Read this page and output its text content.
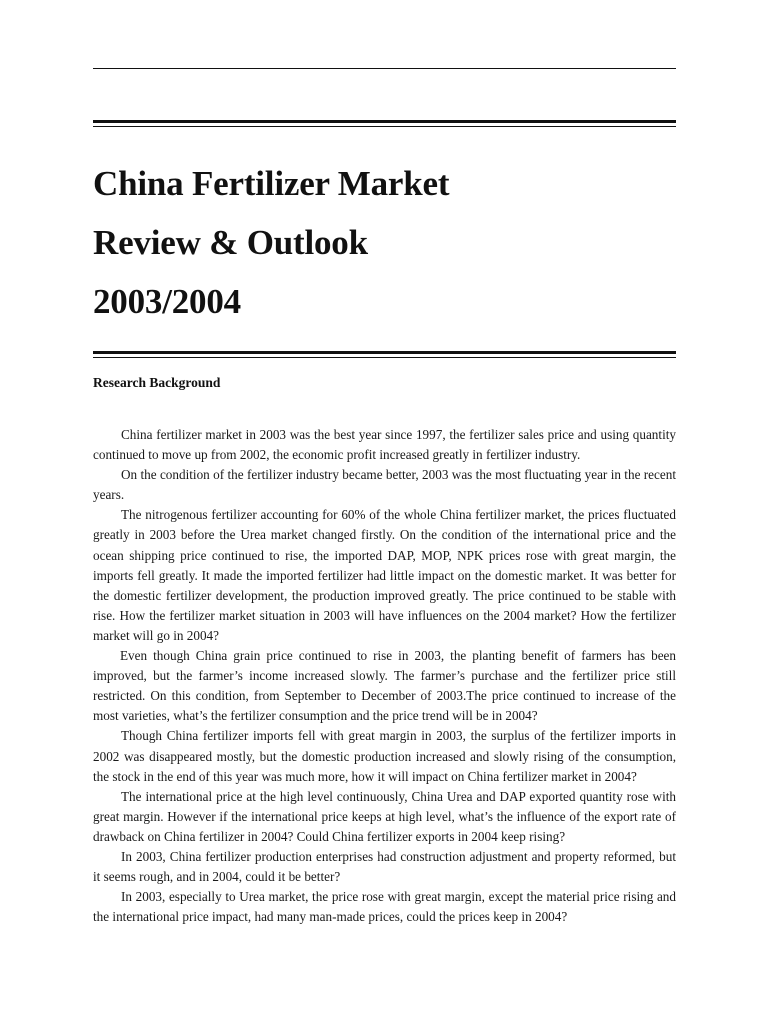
China Fertilizer Market
Review & Outlook
2003/2004
Research Background

China fertilizer market in 2003 was the best year since 1997, the fertilizer sales price and using quantity continued to move up from 2002, the economic profit increased greatly in fertilizer industry.

On the condition of the fertilizer industry became better, 2003 was the most fluctuating year in the recent years.

The nitrogenous fertilizer accounting for 60% of the whole China fertilizer market, the prices fluctuated greatly in 2003 before the Urea market changed firstly. On the condition of the international price and the ocean shipping price continued to rise, the imported DAP, MOP, NPK prices rose with great margin, the imports fell greatly. It made the imported fertilizer had little impact on the domestic market. It was better for the domestic fertilizer development, the production improved greatly. The price continued to be stable with rise. How the fertilizer market situation in 2003 will have influences on the 2004 market? How the fertilizer market will go in 2004?

Even though China grain price continued to rise in 2003, the planting benefit of farmers has been improved, but the farmer’s income increased slowly. The farmer’s purchase and the fertilizer price still restricted. On this condition, from September to December of 2003.The price continued to increase of the most varieties, what’s the fertilizer consumption and the price trend will be in 2004?

Though China fertilizer imports fell with great margin in 2003, the surplus of the fertilizer imports in 2002 was disappeared mostly, but the domestic production increased and slowly rising of the consumption, the stock in the end of this year was much more, how it will impact on China fertilizer market in 2004?

The international price at the high level continuously, China Urea and DAP exported quantity rose with great margin. However if the international price keeps at high level, what’s the influence of the export rate of drawback on China fertilizer in 2004? Could China fertilizer exports in 2004 keep rising?

In 2003, China fertilizer production enterprises had construction adjustment and property reformed, but it seems rough, and in 2004, could it be better?

In 2003, especially to Urea market, the price rose with great margin, except the material price rising and the international price impact, had many man-made prices, could the prices keep in 2004?
